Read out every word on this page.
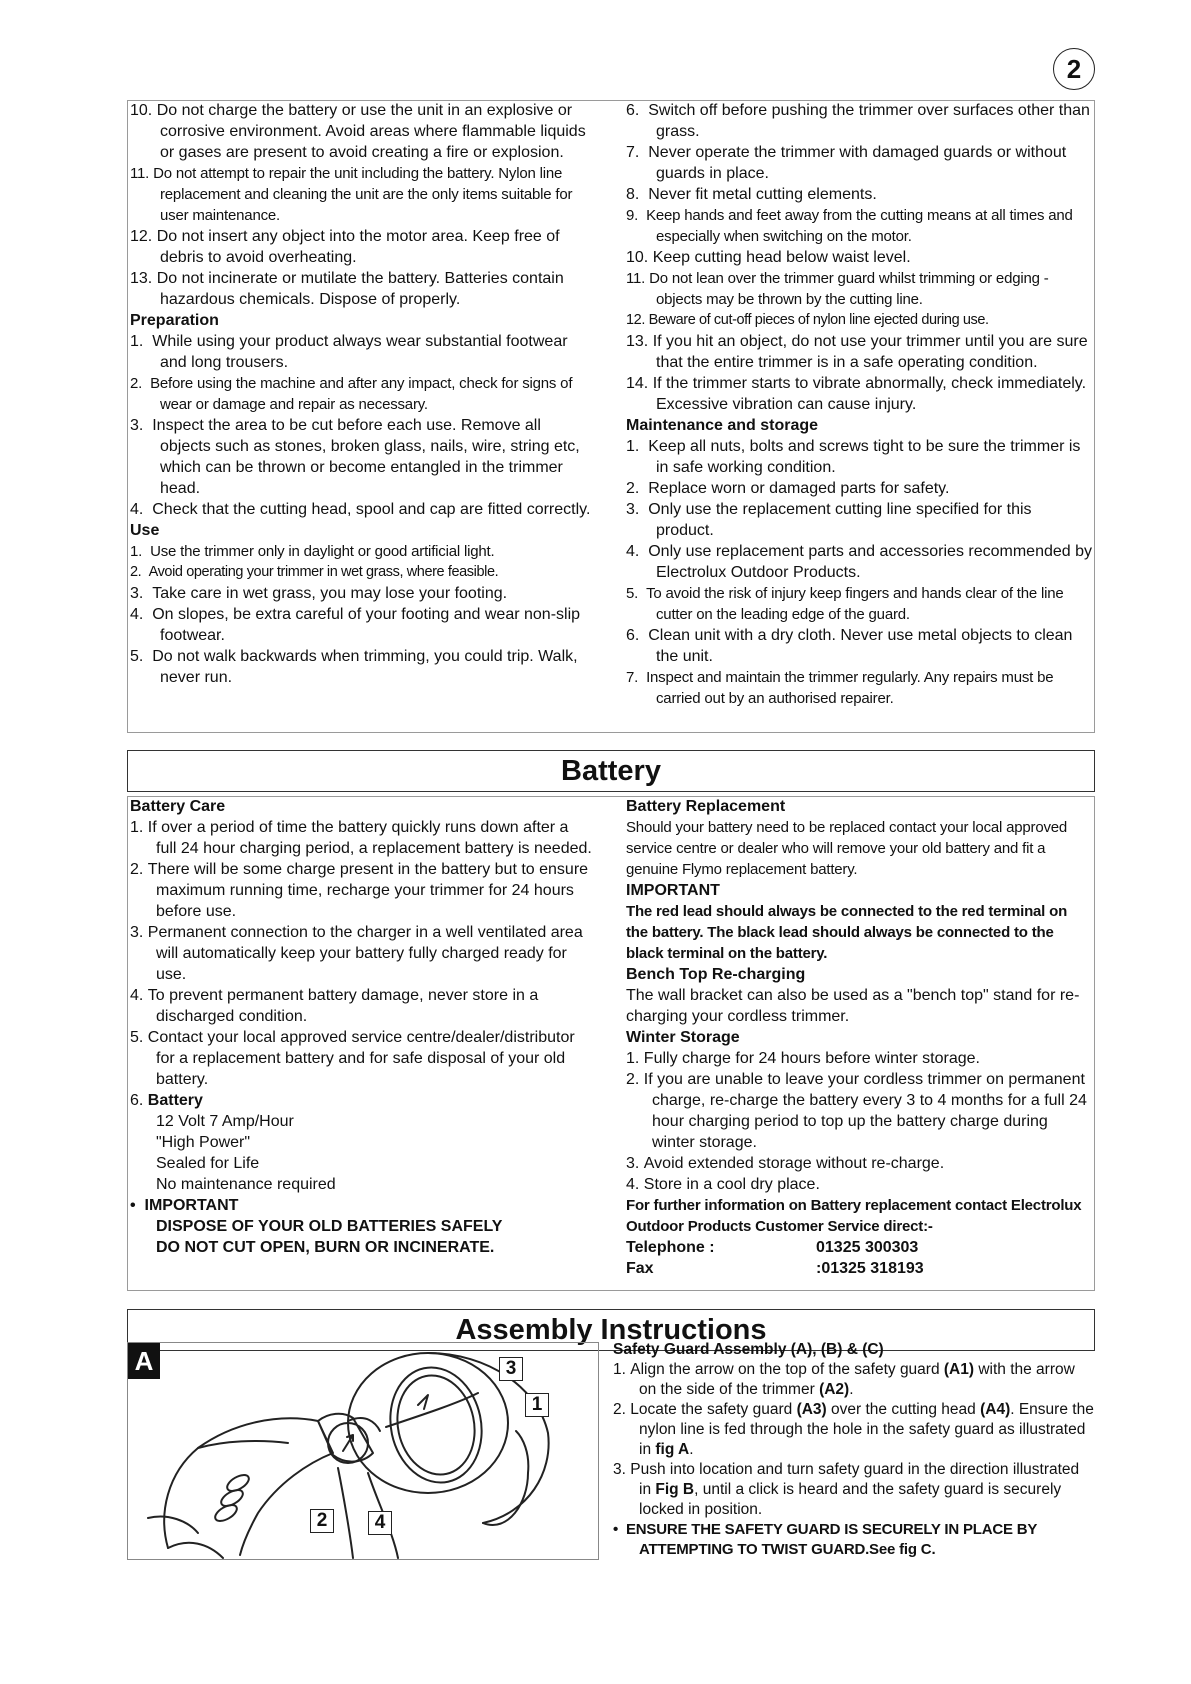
2
10. Do not charge the battery or use the unit in an explosive or corrosive environment. Avoid areas where flammable liquids or gases are present to avoid creating a fire or explosion.
11. Do not attempt to repair the unit including the battery. Nylon line replacement and cleaning the unit are the only items suitable for user maintenance.
12. Do not insert any object into the motor area. Keep free of debris to avoid overheating.
13. Do not incinerate or mutilate the battery. Batteries contain hazardous chemicals. Dispose of properly.
Preparation
1. While using your product always wear substantial footwear and long trousers.
2. Before using the machine and after any impact, check for signs of wear or damage and repair as necessary.
3. Inspect the area to be cut before each use. Remove all objects such as stones, broken glass, nails, wire, string etc, which can be thrown or become entangled in the trimmer head.
4. Check that the cutting head, spool and cap are fitted correctly.
Use
1. Use the trimmer only in daylight or good artificial light.
2. Avoid operating your trimmer in wet grass, where feasible.
3. Take care in wet grass, you may lose your footing.
4. On slopes, be extra careful of your footing and wear non-slip footwear.
5. Do not walk backwards when trimming, you could trip. Walk, never run.
6. Switch off before pushing the trimmer over surfaces other than grass.
7. Never operate the trimmer with damaged guards or without guards in place.
8. Never fit metal cutting elements.
9. Keep hands and feet away from the cutting means at all times and especially when switching on the motor.
10. Keep cutting head below waist level.
11. Do not lean over the trimmer guard whilst trimming or edging - objects may be thrown by the cutting line.
12. Beware of cut-off pieces of nylon line ejected during use.
13. If you hit an object, do not use your trimmer until you are sure that the entire trimmer is in a safe operating condition.
14. If the trimmer starts to vibrate abnormally, check immediately. Excessive vibration can cause injury.
Maintenance and storage
1. Keep all nuts, bolts and screws tight to be sure the trimmer is in safe working condition.
2. Replace worn or damaged parts for safety.
3. Only use the replacement cutting line specified for this product.
4. Only use replacement parts and accessories recommended by Electrolux Outdoor Products.
5. To avoid the risk of injury keep fingers and hands clear of the line cutter on the leading edge of the guard.
6. Clean unit with a dry cloth. Never use metal objects to clean the unit.
7. Inspect and maintain the trimmer regularly. Any repairs must be carried out by an authorised repairer.
Battery
Battery Care
1. If over a period of time the battery quickly runs down after a full 24 hour charging period, a replacement battery is needed.
2. There will be some charge present in the battery but to ensure maximum running time, recharge your trimmer for 24 hours before use.
3. Permanent connection to the charger in a well ventilated area will automatically keep your battery fully charged ready for use.
4. To prevent permanent battery damage, never store in a discharged condition.
5. Contact your local approved service centre/dealer/distributor for a replacement battery and for safe disposal of your old battery.
6. Battery
12 Volt 7 Amp/Hour
"High Power"
Sealed for Life
No maintenance required
• IMPORTANT
DISPOSE OF YOUR OLD BATTERIES SAFELY
DO NOT CUT OPEN, BURN OR INCINERATE.
Battery Replacement
Should your battery need to be replaced contact your local approved service centre or dealer who will remove your old battery and fit a genuine Flymo replacement battery.
IMPORTANT
The red lead should always be connected to the red terminal on the battery. The black lead should always be connected to the black terminal on the battery.
Bench Top Re-charging
The wall bracket can also be used as a "bench top" stand for re-charging your cordless trimmer.
Winter Storage
1. Fully charge for 24 hours before winter storage.
2. If you are unable to leave your cordless trimmer on permanent charge, re-charge the battery every 3 to 4 months for a full 24 hour charging period to top up the battery charge during winter storage.
3. Avoid extended storage without re-charge.
4. Store in a cool dry place.
For further information on Battery replacement contact Electrolux Outdoor Products Customer Service direct:-
Telephone :	01325 300303
Fax	:01325 318193
Assembly Instructions
A	3
1
2	4
Safety Guard Assembly (A), (B) & (C)
1. Align the arrow on the top of the safety guard (A1) with the arrow on the side of the trimmer (A2).
2. Locate the safety guard (A3) over the cutting head (A4). Ensure the nylon line is fed through the hole in the safety guard as illustrated in fig A.
3. Push into location and turn safety guard in the direction illustrated in Fig B, until a click is heard and the safety guard is securely locked in position.
• ENSURE THE SAFETY GUARD IS SECURELY IN PLACE BY ATTEMPTING TO TWIST GUARD.See fig C.
